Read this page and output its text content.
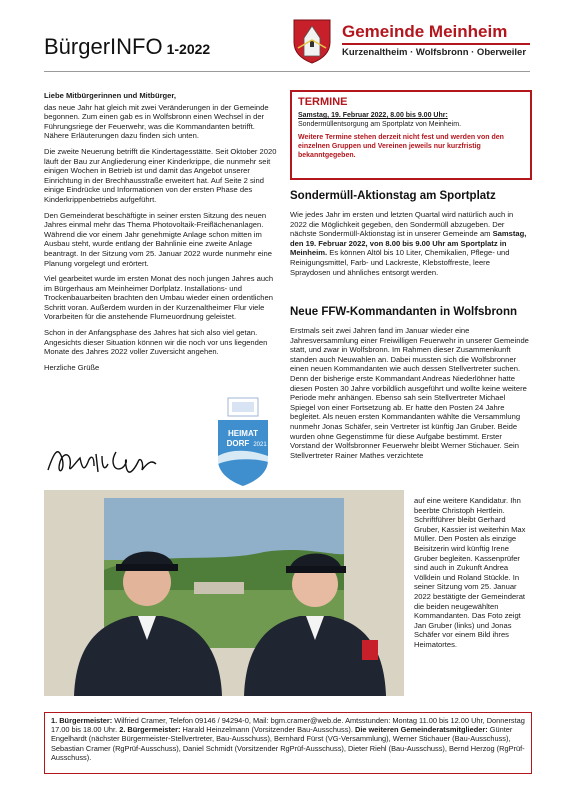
BürgerINFO 1-2022
Gemeinde Meinheim
Kurzenaltheim · Wolfsbronn · Oberweiler

Liebe Mitbürgerinnen und Mitbürger,

das neue Jahr hat gleich mit zwei Veränderungen in der Gemeinde begonnen. Zum einen gab es in Wolfsbronn einen Wechsel in der Führungsriege der Feuerwehr, was die Kommandanten betrifft. Nähere Erläuterungen dazu finden sich unten.

Die zweite Neuerung betrifft die Kindertagesstätte. Seit Oktober 2020 läuft der Bau zur Angliederung einer Kinderkrippe, die nunmehr seit einigen Wochen in Betrieb ist und damit das Angebot unserer Einrichtung in der Brechhausstraße erweitert hat. Auf Seite 2 sind einige Eindrücke und Informationen von der ersten Phase des Kinderkrippenbetriebs aufgeführt.

Den Gemeinderat beschäftigte in seiner ersten Sitzung des neuen Jahres einmal mehr das Thema Photovoltaik-Freiflächenanlagen. Während die vor einem Jahr genehmigte Anlage schon mitten im Ausbau steht, wurde entlang der Bahnlinie eine zweite Anlage beantragt. In der Sitzung vom 25. Januar 2022 wurde nunmehr eine Planung vorgelegt und erörtert.

Viel gearbeitet wurde im ersten Monat des noch jungen Jahres auch im Bürgerhaus am Meinheimer Dorfplatz. Installations- und Trockenbauarbeiten brachten den Umbau wieder einen ordentlichen Schritt voran. Außerdem wurden in der Kurzenaltheimer Flur viele Vorarbeiten für die anstehende Flurneuordnung geleistet.

Schon in der Anfangsphase des Jahres hat sich also viel getan. Angesichts dieser Situation können wir die noch vor uns liegenden Monate des Jahres 2022 voller Zuversicht angehen.

Herzliche Grüße

HEIMAT
DORF 2021
TERMINE
Samstag, 19. Februar 2022, 8.00 bis 9.00 Uhr:
Sondermüllentsorgung am Sportplatz von Meinheim.
Weitere Termine stehen derzeit nicht fest und werden von den einzelnen Gruppen und Vereinen jeweils nur kurzfristig bekanntgegeben.
Sondermüll-Aktionstag am Sportplatz
Wie jedes Jahr im ersten und letzten Quartal wird natürlich auch in 2022 die Möglichkeit gegeben, den Sondermüll abzugeben. Der nächste Sondermüll-Aktionstag ist in unserer Gemeinde am Samstag, den 19. Februar 2022, von 8.00 bis 9.00 Uhr am Sportplatz in Meinheim. Es können Altöl bis 10 Liter, Chemikalien, Pflege- und Reinigungsmittel, Farb- und Lackreste, Klebstoffreste, leere Spraydosen und ähnliches entsorgt werden.
Neue FFW-Kommandanten in Wolfsbronn
Erstmals seit zwei Jahren fand im Januar wieder eine Jahresversammlung einer Freiwilligen Feuerwehr in unserer Gemeinde statt, und zwar in Wolfsbronn. Im Rahmen dieser Zusammenkunft standen auch Neuwahlen an. Dabei mussten sich die Wolfsbronner einen neuen Kommandanten wie auch dessen Stellvertreter suchen. Denn der bisherige erste Kommandant Andreas Niederlöhner hatte diesen Posten 30 Jahre vorbildlich ausgeführt und wollte keine weitere Periode mehr anhängen. Ebenso sah sein Stellvertreter Michael Spiegel von einer Fortsetzung ab. Er hatte den Posten 24 Jahre begleitet. Als neuen ersten Kommandanten wählte die Versammlung nunmehr Jonas Schäfer, sein Vertreter ist künftig Jan Gruber. Beide wurden ohne Gegenstimme für diese Aufgabe bestimmt. Erster Vorstand der Wolfsbronner Feuerwehr bleibt Werner Stichauer. Sein Stellvertreter Rainer Mathes verzichtete
auf eine weitere Kandidatur. Ihn beerbte Christoph Hertlein. Schriftführer bleibt Gerhard Gruber, Kassier ist weiterhin Max Müller. Den Posten als einzige Beisitzerin wird künftig Irene Gruber begleiten. Kassenprüfer sind auch in Zukunft Andrea Völklein und Roland Stückle. In seiner Sitzung vom 25. Januar 2022 bestätigte der Gemeinderat die beiden neugewählten Kommandanten. Das Foto zeigt Jan Gruber (links) und Jonas Schäfer vor einem Bild ihres Heimatortes.
1. Bürgermeister: Wilfried Cramer, Telefon 09146 / 94294-0, Mail: bgm.cramer@web.de. Amtsstunden: Montag 11.00 bis 12.00 Uhr, Donnerstag 17.00 bis 18.00 Uhr. 2. Bürgermeister: Harald Heinzelmann (Vorsitzender Bau-Ausschuss). Die weiteren Gemeinderatsmitglieder: Günter Engelhardt (nächster Bürgermeister-Stellvertreter, Bau-Ausschuss), Bernhard Fürst (VG-Versammlung), Werner Stichauer (Bau-Ausschuss), Sebastian Cramer (RgPrüf-Ausschuss), Daniel Schmidt (Vorsitzender RgPrüf-Ausschuss), Dieter Riehl (Bau-Ausschuss), Bernd Herzog (RgPrüf-Ausschuss).
